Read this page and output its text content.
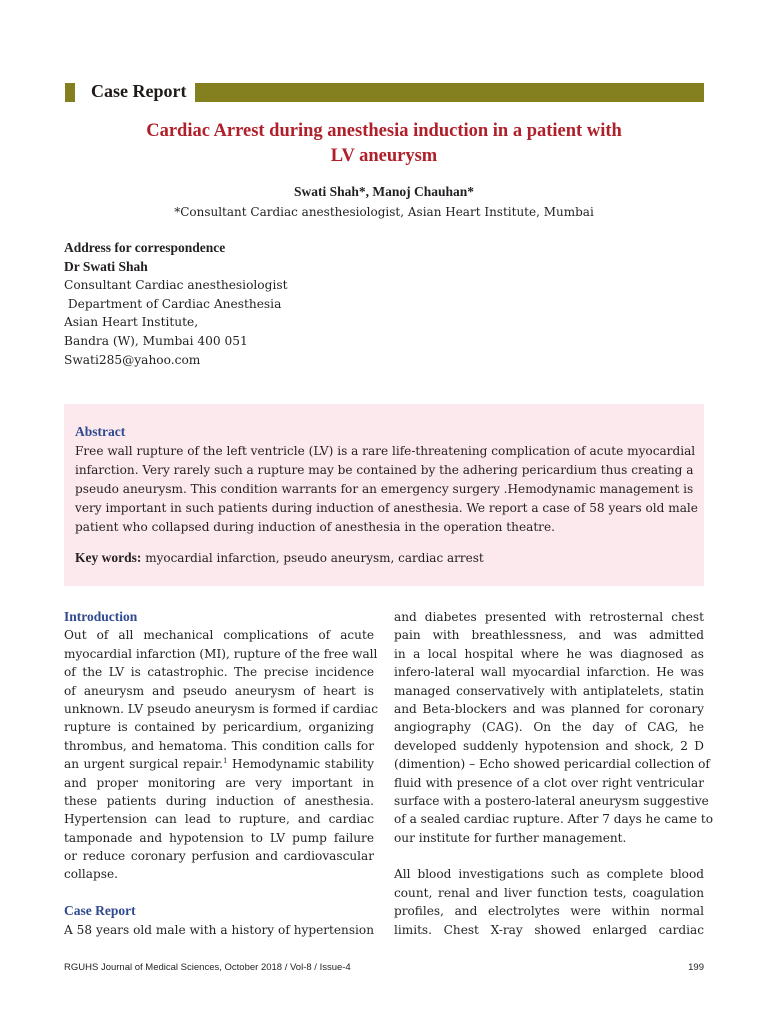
Case Report
Cardiac Arrest during anesthesia induction in a patient with
LV aneurysm
Swati Shah*, Manoj Chauhan*
*Consultant Cardiac anesthesiologist, Asian Heart Institute, Mumbai
Address for correspondence
Dr Swati Shah
Consultant Cardiac anesthesiologist
Department of Cardiac Anesthesia
Asian Heart Institute,
Bandra (W), Mumbai 400 051
Swati285@yahoo.com
Abstract
Free wall rupture of the left ventricle (LV) is a rare life-threatening complication of acute myocardial
infarction. Very rarely such a rupture may be contained by the adhering pericardium thus creating a
pseudo aneurysm. This condition warrants for an emergency surgery .Hemodynamic management is
very important in such patients during induction of anesthesia. We report a case of 58 years old male
patient who collapsed during induction of anesthesia in the operation theatre.
Key words: myocardial infarction, pseudo aneurysm, cardiac arrest
Introduction
Out of all mechanical complications of acute
myocardial infarction (MI), rupture of the free wall
of the LV is catastrophic. The precise incidence
of aneurysm and pseudo aneurysm of heart is
unknown. LV pseudo aneurysm is formed if cardiac
rupture is contained by pericardium, organizing
thrombus, and hematoma. This condition calls for
an urgent surgical repair.$^1$ Hemodynamic stability
and proper monitoring are very important in
these patients during induction of anesthesia.
Hypertension can lead to rupture, and cardiac
tamponade and hypotension to LV pump failure
or reduce coronary perfusion and cardiovascular
collapse.
Case Report
A 58 years old male with a history of hypertension
and diabetes presented with retrosternal chest
pain with breathlessness, and was admitted
in a local hospital where he was diagnosed as
infero-lateral wall myocardial infarction. He was
managed conservatively with antiplatelets, statin
and Beta-blockers and was planned for coronary
angiography (CAG). On the day of CAG, he
developed suddenly hypotension and shock, 2 D
(dimention) – Echo showed pericardial collection of
fluid with presence of a clot over right ventricular
surface with a postero-lateral aneurysm suggestive
of a sealed cardiac rupture. After 7 days he came to
our institute for further management.
All blood investigations such as complete blood
count, renal and liver function tests, coagulation
profiles, and electrolytes were within normal
limits. Chest X-ray showed enlarged cardiac
RGUHS Journal of Medical Sciences, October 2018 / Vol-8 / Issue-4	199
